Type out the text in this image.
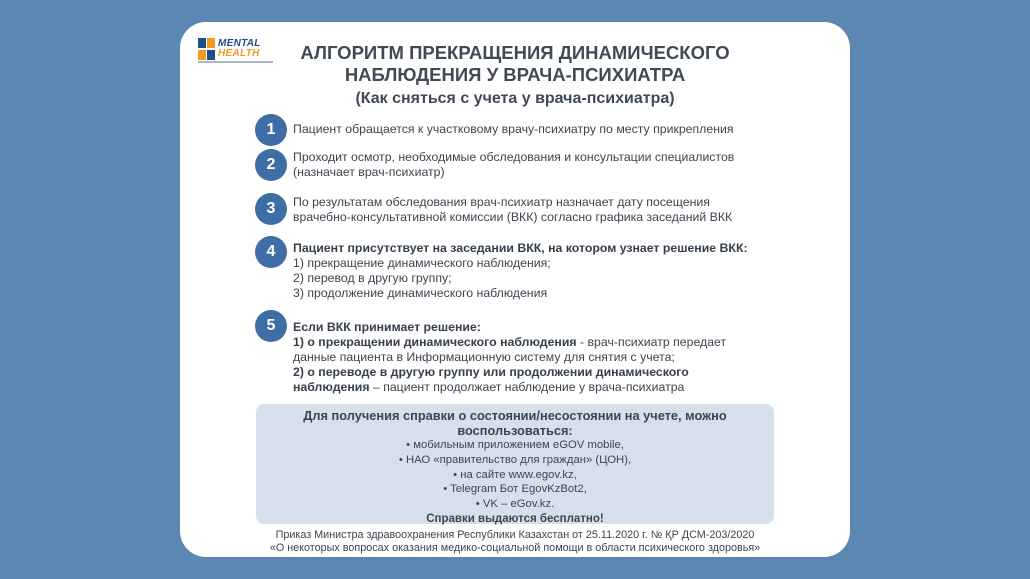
MENTAL
HEALTH	АЛГОРИТМ ПРЕКРАЩЕНИЯ ДИНАМИЧЕСКОГО
НАБЛЮДЕНИЯ У ВРАЧА-ПСИХИАТРА
(Как сняться с учета у врача-психиатра)
1	Пациент обращается к участковому врачу-психиатру по месту прикрепления
2	Проходит осмотр, необходимые обследования и консультации специалистов
(назначает врач-психиатр)
3	По результатам обследования врач-психиатр назначает дату посещения
врачебно-консультативной комиссии (ВКК) согласно графика заседаний ВКК
4	Пациент присутствует на заседании ВКК, на котором узнает решение ВКК:
1) прекращение динамического наблюдения;
2) перевод в другую группу;
3) продолжение динамического наблюдения
5	Если ВКК принимает решение:
1) о прекращении динамического наблюдения - врач-психиатр передает
данные пациента в Информационную систему для снятия с учета;
2) о переводе в другую группу или продолжении динамического
наблюдения – пациент продолжает наблюдение у врача-психиатра
Для получения справки о состоянии/несостоянии на учете, можно
воспользоваться:
• мобильным приложением eGOV mobile,
• НАО «правительство для граждан» (ЦОН),
• на сайте www.egov.kz,
• Telegram Бот EgovKzBot2,
• VK – eGov.kz.
Справки выдаются бесплатно!
Приказ Министра здравоохранения Республики Казахстан от 25.11.2020 г. № ҚР ДСМ-203/2020
«О некоторых вопросах оказания медико-социальной помощи в области психического здоровья»
